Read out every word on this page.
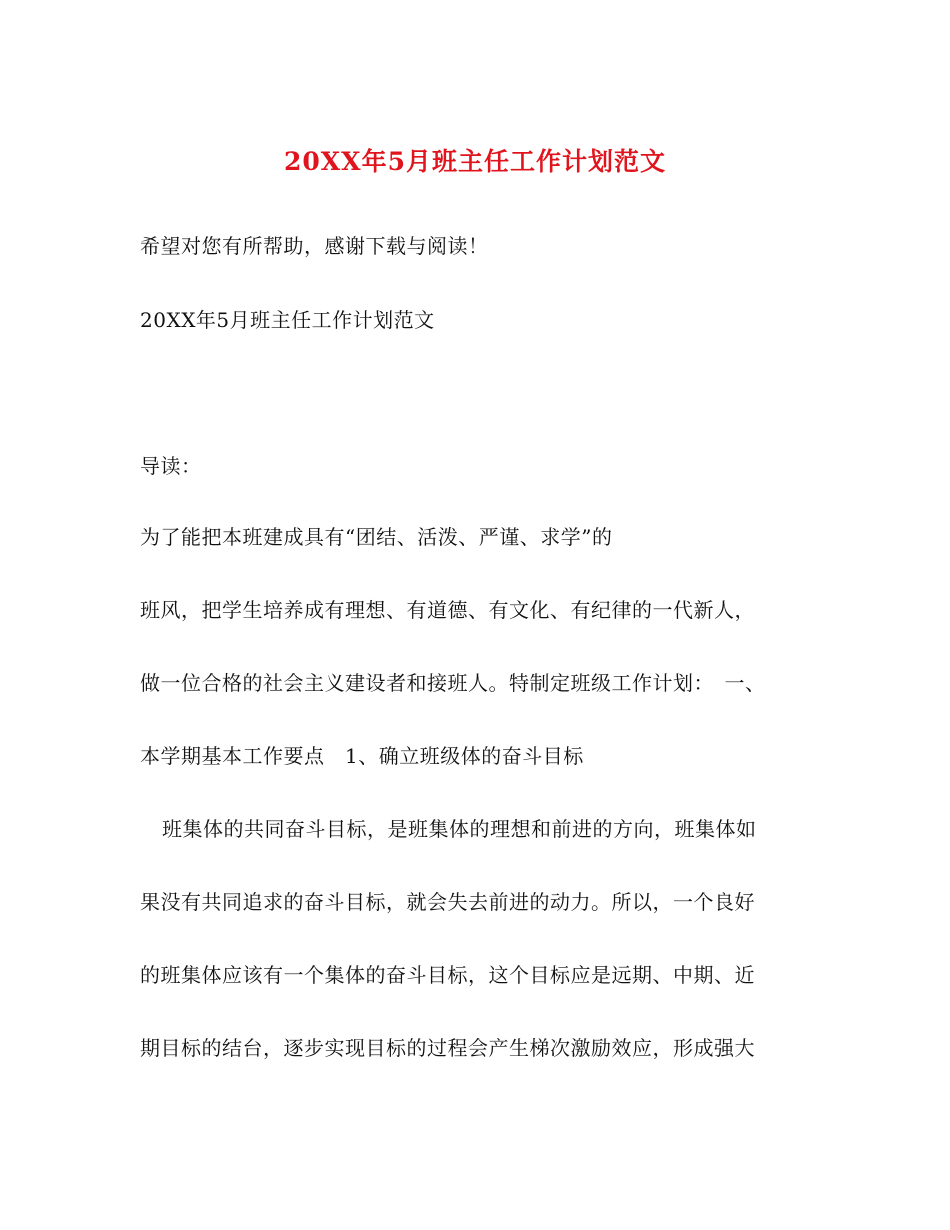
20XX年5月班主任工作计划范文
希望对您有所帮助，感谢下载与阅读！
20XX年5月班主任工作计划范文
导读：
为了能把本班建成具有“团结、活泼、严谨、求学”的
班风，把学生培养成有理想、有道德、有文化、有纪律的一代新人，
做一位合格的社会主义建设者和接班人。特制定班级工作计划：　一、
本学期基本工作要点　1、确立班级体的奋斗目标
班集体的共同奋斗目标，是班集体的理想和前进的方向，班集体如
果没有共同追求的奋斗目标，就会失去前进的动力。所以，一个良好
的班集体应该有一个集体的奋斗目标，这个目标应是远期、中期、近
期目标的结台，逐步实现目标的过程会产生梯次激励效应，形成强大
